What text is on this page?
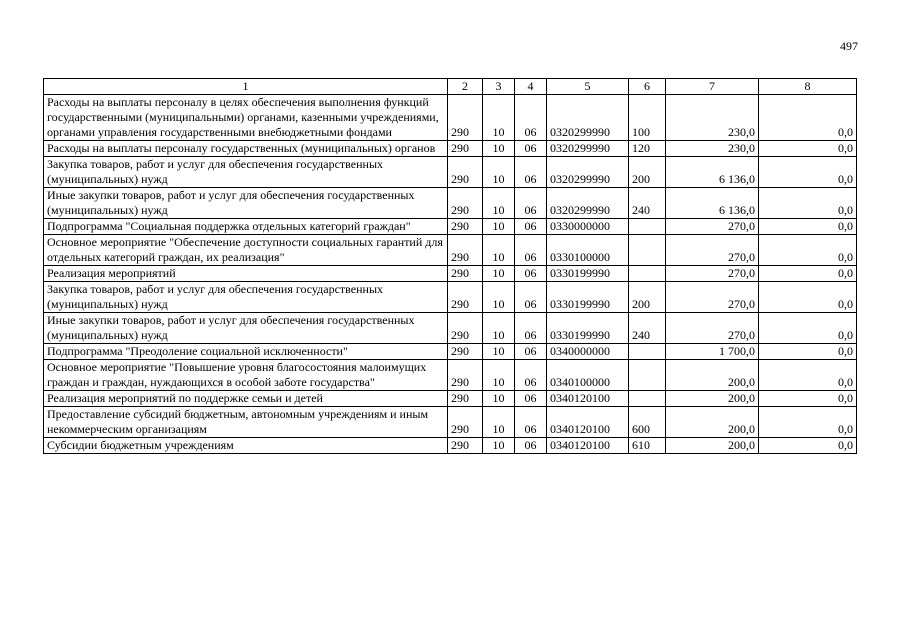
497
1	2	3	4	5	6	7	8
Расходы на выплаты персоналу в целях обеспечения выполнения функций государственными (муниципальными) органами, казенными учреждениями, органами управления государственными внебюджетными фондами	290	10	06	0320299990	100	230,0	0,0
Расходы на выплаты персоналу государственных (муниципальных) органов	290	10	06	0320299990	120	230,0	0,0
Закупка товаров, работ и услуг для обеспечения государственных (муниципальных) нужд	290	10	06	0320299990	200	6 136,0	0,0
Иные закупки товаров, работ и услуг для обеспечения государственных (муниципальных) нужд	290	10	06	0320299990	240	6 136,0	0,0
Подпрограмма "Социальная поддержка отдельных категорий граждан"	290	10	06	0330000000		270,0	0,0
Основное мероприятие "Обеспечение доступности социальных гарантий для отдельных категорий граждан, их реализация"	290	10	06	0330100000		270,0	0,0
Реализация мероприятий	290	10	06	0330199990		270,0	0,0
Закупка товаров, работ и услуг для обеспечения государственных (муниципальных) нужд	290	10	06	0330199990	200	270,0	0,0
Иные закупки товаров, работ и услуг для обеспечения государственных (муниципальных) нужд	290	10	06	0330199990	240	270,0	0,0
Подпрограмма "Преодоление социальной исключенности"	290	10	06	0340000000		1 700,0	0,0
Основное мероприятие "Повышение уровня благосостояния малоимущих граждан и граждан, нуждающихся в особой заботе государства"	290	10	06	0340100000		200,0	0,0
Реализация мероприятий по поддержке семьи и детей	290	10	06	0340120100		200,0	0,0
Предоставление субсидий бюджетным, автономным учреждениям и иным некоммерческим организациям	290	10	06	0340120100	600	200,0	0,0
Субсидии бюджетным учреждениям	290	10	06	0340120100	610	200,0	0,0
